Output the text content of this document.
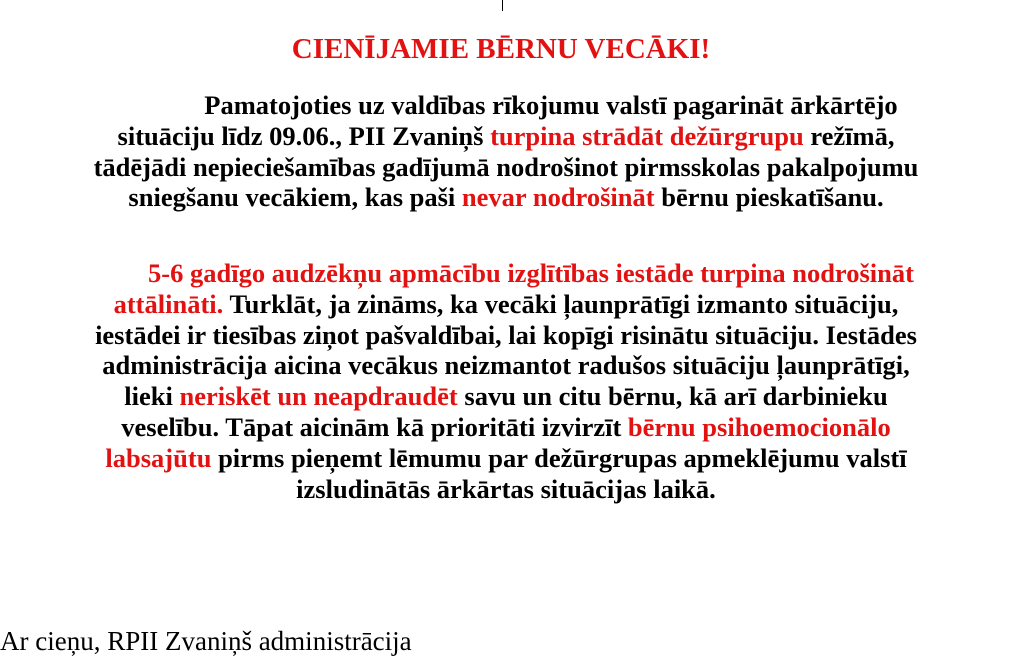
CIENĪJAMIE BĒRNU VECĀKI!

Pamatojoties uz valdības rīkojumu valstī pagarināt ārkārtējo
situāciju līdz 09.06., PII Zvaniņš turpina strādāt dežūrgrupu režīmā,
tādējādi nepieciešamības gadījumā nodrošinot pirmsskolas pakalpojumu
sniegšanu vecākiem, kas paši nevar nodrošināt bērnu pieskatīšanu.

5-6 gadīgo audzēkņu apmācību izglītības iestāde turpina nodrošināt
attālināti. Turklāt, ja zināms, ka vecāki ļaunprātīgi izmanto situāciju,
iestādei ir tiesības ziņot pašvaldībai, lai kopīgi risinātu situāciju. Iestādes
administrācija aicina vecākus neizmantot radušos situāciju ļaunprātīgi,
lieki neriskēt un neapdraudēt savu un citu bērnu, kā arī darbinieku
veselību. Tāpat aicinām kā prioritāti izvirzīt bērnu psihoemocionālo
labsajūtu pirms pieņemt lēmumu par dežūrgrupas apmeklējumu valstī
izsludinātās ārkārtas situācijas laikā.

Ar cieņu, RPII Zvaniņš administrācija
